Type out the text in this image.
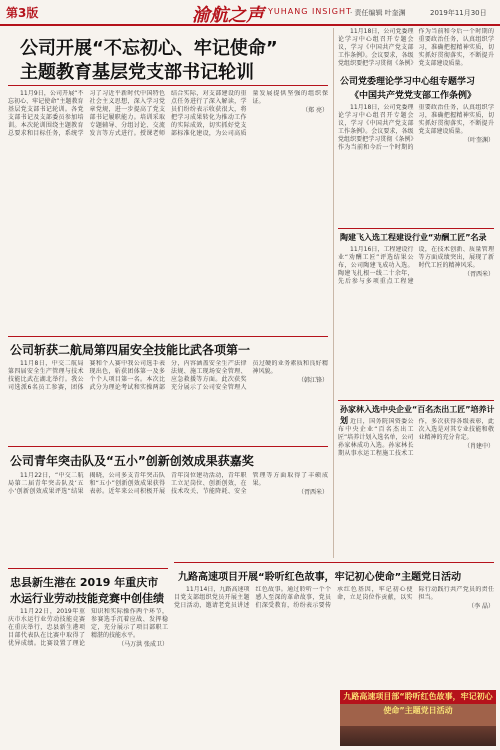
第3版	渝航之声 YUHANG INSIGHT
· 责任编辑 叶奎渊	2019年11月30日
公司开展“不忘初心、牢记使命”
主题教育基层党支部书记轮训

11月9日，公司开展“不忘初心、牢记使命”主题教育基层党支部书记轮训。各党支部书记及支部委员参加培训。本次轮训围绕主题教育总要求和目标任务，系统学习了习近平新时代中国特色社会主义思想，深入学习党章党规，进一步提高了党支部书记履职能力。培训采取专题辅导、分组讨论、交流发言等方式进行。授课老师结合实际，对支部建设的重点任务进行了深入解读，学员们纷纷表示收获很大，将把学习成果转化为推动工作的实际成效，切实抓好党支部标准化建设，为公司高质量发展提供坚强的组织保证。

（郑 亮）
公司斩获二航局第四届安全技能比武各项第一

11月8日，中交二航局第四届安全生产管理与技术技能比武在湖北举行。我公司选派6名员工参赛，团体赛和个人赛中我公司选手表现出色，斩获团体第一及多个个人项目第一名。本次比武分为理论考试和实操两部分，内容涵盖安全生产法律法规、施工现场安全管理、应急救援等方面。此次获奖充分展示了公司安全管理人员过硬的业务素质和良好精神风貌。

（韩江锋）
公司青年突击队及“五小”创新创效成果获嘉奖

11月22日，“中交二航局第二届青年突击队及‘五小’创新创效成果评选”结果揭晓，公司多支青年突击队和“五小”创新创效成果获得表彰。近年来公司积极开展青年岗位建功活动，青年职工立足岗位、创新创效，在技术攻关、节能降耗、安全管理等方面取得了丰硕成果。

（胥西米）
忠县新生港在 2019 年重庆市
水运行业劳动技能竞赛中创佳绩

11月22日，2019年重庆市水运行业劳动技能竞赛在重庆举行，忠县新生港项目部代表队在比赛中取得了优异成绩。比赛设置了理论知识和实际操作两个环节，参赛选手沉着应战、发挥稳定，充分展示了项目部职工精湛的技能水平。

（马万洪 张成卫）

11月18日，公司党委理论学习中心组召开专题会议，学习《中国共产党支部工作条例》。会议要求，各级党组织要把学习贯彻《条例》作为当前和今后一个时期的重要政治任务，认真组织学习，准确把握精神实质，切实抓好贯彻落实，不断提升党支部建设质量。

公司党委理论学习中心组专题学习
《中国共产党党支部工作条例》

11月18日，公司党委理论学习中心组召开专题会议，学习《中国共产党支部工作条例》。会议要求，各级党组织要把学习贯彻《条例》作为当前和今后一个时期的重要政治任务，认真组织学习，准确把握精神实质，切实抓好贯彻落实，不断提升党支部建设质量。

（叶奎渊）
陶建飞入选工程建设行业“劝酬工匠”名录

11月16日，工程建设行业“劝酬工匠”评选结果公布，公司陶建飞成功入选。陶建飞扎根一线二十余年，先后参与多项重点工程建设，在技术创新、质量管理等方面成绩突出，展现了新时代工匠的精神风采。

（胥西米）
孙家林入选中央企业“百名杰出工匠”培养计划 近日，国务院国资委公布中央企业“百名杰出工匠”培养计划入选名单，公司孙家林成功入选。孙家林长期从事水运工程施工技术工作，多次获得各级表彰，此次入选是对其专业技能和敬业精神的充分肯定。

（肖建中）
九路高速项目开展“聆听红色故事，牢记初心使命”主题党日活动

11月14日，九路高速项目党支部组织党员开展主题党日活动，邀请老党员讲述红色故事。通过聆听一个个感人至深的革命故事，党员们深受教育，纷纷表示要传承红色基因，牢记初心使命，立足岗位作贡献，以实际行动践行共产党员的责任担当。

（李 晶）
九路高速项目部“聆听红色故事，牢记初心使命”主题党日活动
